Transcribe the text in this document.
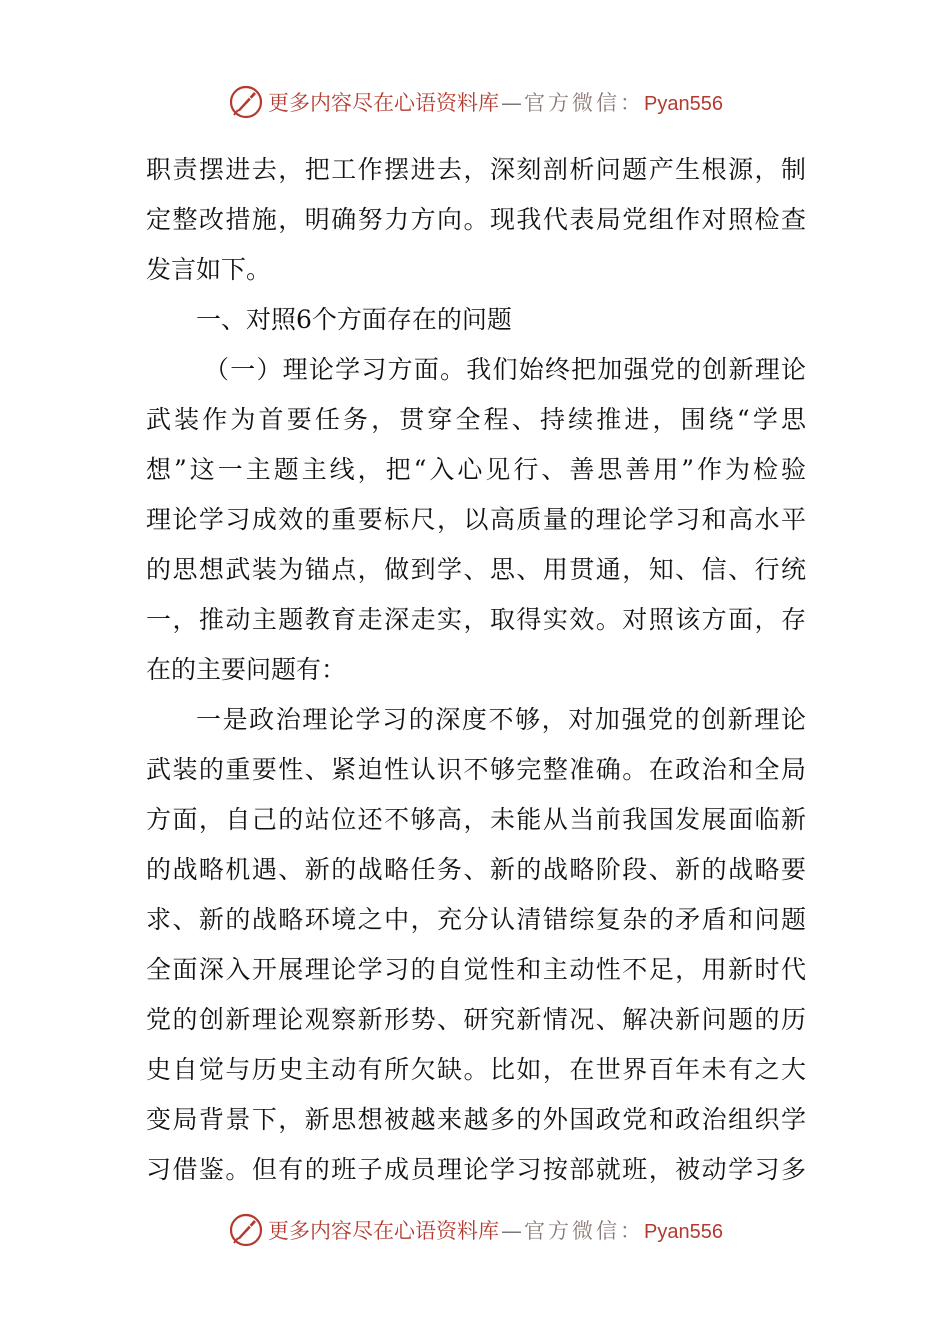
更多内容尽在心语资料库—官方微信：Pyan556
职责摆进去，把工作摆进去，深刻剖析问题产生根源，制
定整改措施，明确努力方向。现我代表局党组作对照检查
发言如下。
一、对照6个方面存在的问题
（一）理论学习方面。我们始终把加强党的创新理论
武装作为首要任务，贯穿全程、持续推进，围绕“学思
想”这一主题主线，把“入心见行、善思善用”作为检验
理论学习成效的重要标尺，以高质量的理论学习和高水平
的思想武装为锚点，做到学、思、用贯通，知、信、行统
一，推动主题教育走深走实，取得实效。对照该方面，存
在的主要问题有：
一是政治理论学习的深度不够，对加强党的创新理论
武装的重要性、紧迫性认识不够完整准确。在政治和全局
方面，自己的站位还不够高，未能从当前我国发展面临新
的战略机遇、新的战略任务、新的战略阶段、新的战略要
求、新的战略环境之中，充分认清错综复杂的矛盾和问题
全面深入开展理论学习的自觉性和主动性不足，用新时代
党的创新理论观察新形势、研究新情况、解决新问题的历
史自觉与历史主动有所欠缺。比如，在世界百年未有之大
变局背景下，新思想被越来越多的外国政党和政治组织学
习借鉴。但有的班子成员理论学习按部就班，被动学习多
更多内容尽在心语资料库—官方微信：Pyan556
